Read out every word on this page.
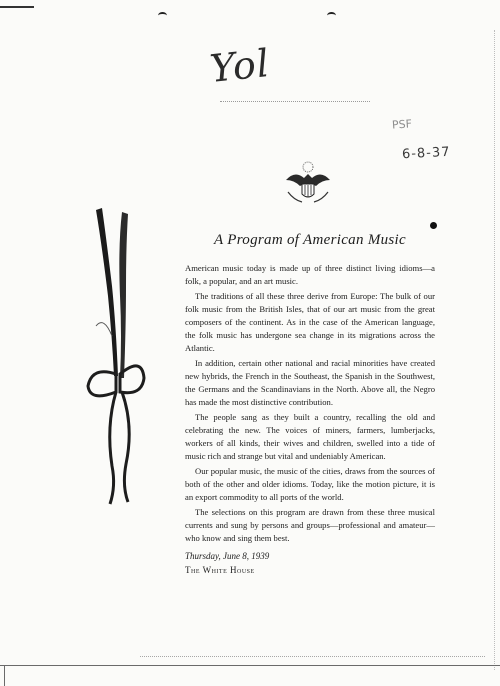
Yol
PSF
6-8-37
A Program of American Music

American music today is made up of three distinct living idioms—a folk, a popular, and an art music.

The traditions of all these three derive from Europe: The bulk of our folk music from the British Isles, that of our art music from the great composers of the continent. As in the case of the American language, the folk music has undergone sea change in its migrations across the Atlantic.

In addition, certain other national and racial minorities have created new hybrids, the French in the Southeast, the Spanish in the Southwest, the Germans and the Scandinavians in the North. Above all, the Negro has made the most distinctive contribution.

The people sang as they built a country, recalling the old and celebrating the new. The voices of miners, farmers, lumberjacks, workers of all kinds, their wives and children, swelled into a tide of music rich and strange but vital and undeniably American.

Our popular music, the music of the cities, draws from the sources of both of the other and older idioms. Today, like the motion picture, it is an export commodity to all ports of the world.

The selections on this program are drawn from these three musical currents and sung by persons and groups—professional and amateur—who know and sing them best.

Thursday, June 8, 1939
The White House
